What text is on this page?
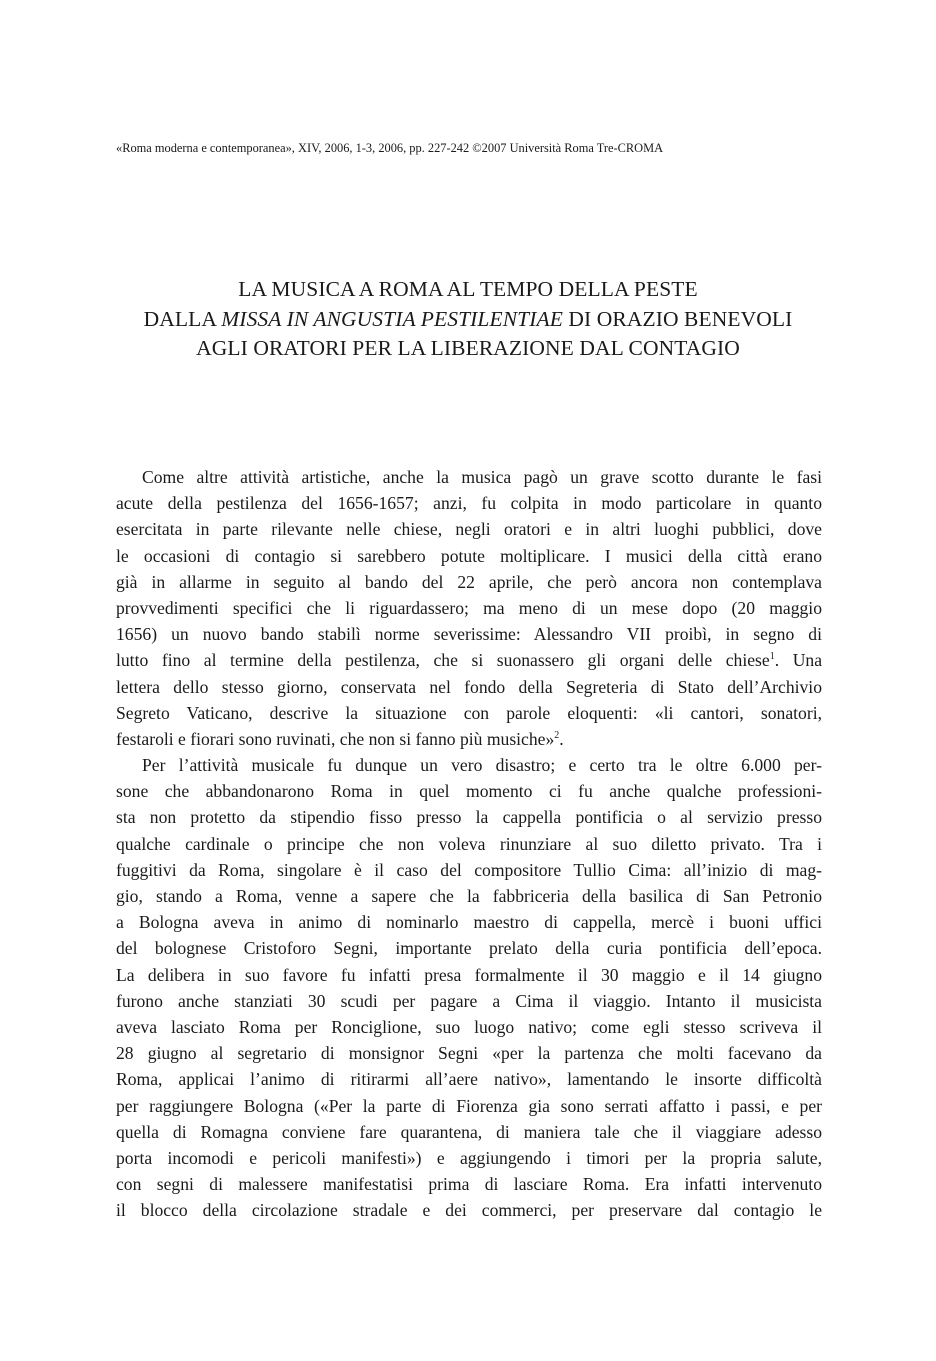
«Roma moderna e contemporanea», XIV, 2006, 1-3, 2006, pp. 227-242 ©2007 Università Roma Tre-CROMA
LA MUSICA A ROMA AL TEMPO DELLA PESTE
DALLA MISSA IN ANGUSTIA PESTILENTIAE DI ORAZIO BENEVOLI
AGLI ORATORI PER LA LIBERAZIONE DAL CONTAGIO
Come altre attività artistiche, anche la musica pagò un grave scotto durante le fasi
acute della pestilenza del 1656-1657; anzi, fu colpita in modo particolare in quanto
esercitata in parte rilevante nelle chiese, negli oratori e in altri luoghi pubblici, dove
le occasioni di contagio si sarebbero potute moltiplicare. I musici della città erano
già in allarme in seguito al bando del 22 aprile, che però ancora non contemplava
provvedimenti specifici che li riguardassero; ma meno di un mese dopo (20 maggio
1656) un nuovo bando stabilì norme severissime: Alessandro VII proibì, in segno di
lutto fino al termine della pestilenza, che si suonassero gli organi delle chiese$^1$. Una
lettera dello stesso giorno, conservata nel fondo della Segreteria di Stato dell’Archivio
Segreto Vaticano, descrive la situazione con parole eloquenti: «li cantori, sonatori,
festaroli e fiorari sono ruvinati, che non si fanno più musiche»$^2$.
Per l’attività musicale fu dunque un vero disastro; e certo tra le oltre 6.000 per-
sone che abbandonarono Roma in quel momento ci fu anche qualche professioni-
sta non protetto da stipendio fisso presso la cappella pontificia o al servizio presso
qualche cardinale o principe che non voleva rinunziare al suo diletto privato. Tra i
fuggitivi da Roma, singolare è il caso del compositore Tullio Cima: all’inizio di mag-
gio, stando a Roma, venne a sapere che la fabbriceria della basilica di San Petronio
a Bologna aveva in animo di nominarlo maestro di cappella, mercè i buoni uffici
del bolognese Cristoforo Segni, importante prelato della curia pontificia dell’epoca.
La delibera in suo favore fu infatti presa formalmente il 30 maggio e il 14 giugno
furono anche stanziati 30 scudi per pagare a Cima il viaggio. Intanto il musicista
aveva lasciato Roma per Ronciglione, suo luogo nativo; come egli stesso scriveva il
28 giugno al segretario di monsignor Segni «per la partenza che molti facevano da
Roma, applicai l’animo di ritirarmi all’aere nativo», lamentando le insorte difficoltà
per raggiungere Bologna («Per la parte di Fiorenza gia sono serrati affatto i passi, e per
quella di Romagna conviene fare quarantena, di maniera tale che il viaggiare adesso
porta incomodi e pericoli manifesti») e aggiungendo i timori per la propria salute,
con segni di malessere manifestatisi prima di lasciare Roma. Era infatti intervenuto
il blocco della circolazione stradale e dei commerci, per preservare dal contagio le
